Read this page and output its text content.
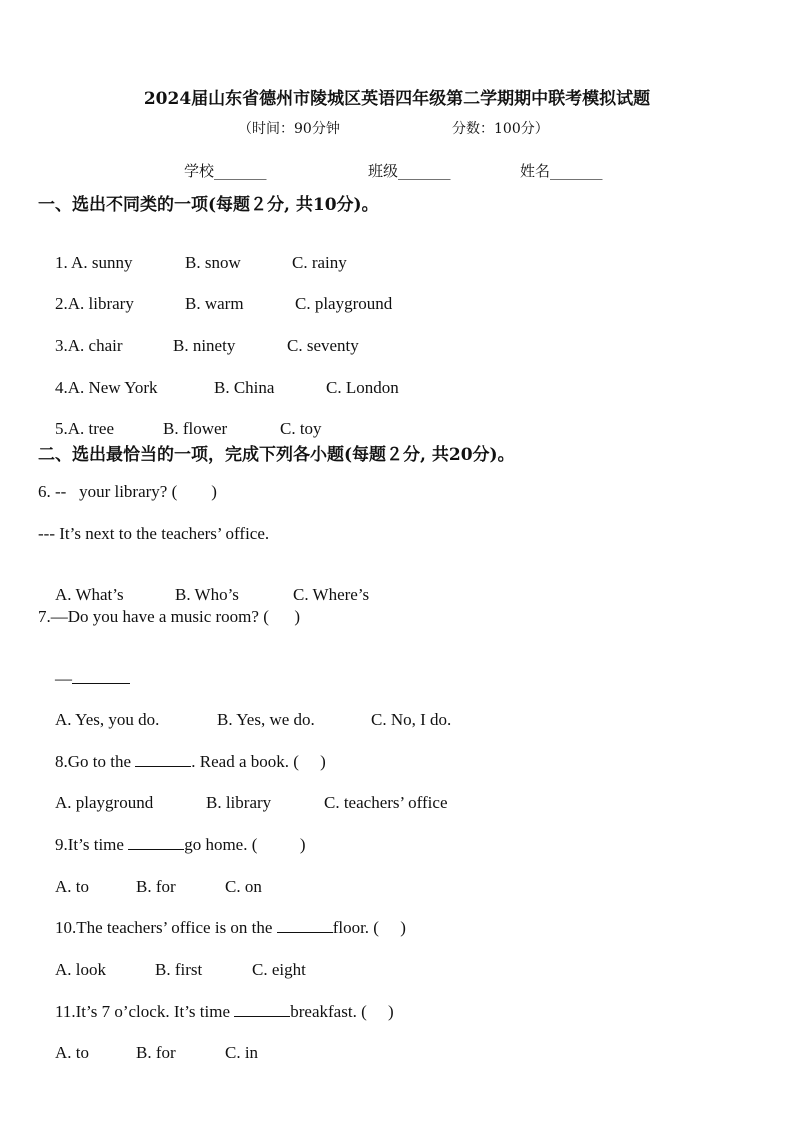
2024届山东省德州市陵城区英语四年级第二学期期中联考模拟试题
（时间：90分钟	分数：100分）
学校_______	班级_______	姓名_______
一、选出不同类的一项(每题２分, 共10分)。

1. A. sunny	B. snow	C. rainy

2.A. library	B. warm	C. playground

3.A. chair	B. ninety	C. seventy

4.A. New York	B. China	C. London

5.A. tree	B. flower	C. toy

二、选出最恰当的一项，完成下列各小题(每题２分, 共20分)。
6. --   your library? (        )
--- It’s next to the teachers’ office.

A. What’s	B. Who’s	C. Where’s

7.—Do you have a music room? (      )

—

A. Yes, you do.	B. Yes, we do.	C. No, I do.

8.Go to the	. Read a book. (     )

A. playground	B. library	C. teachers’ office

9.It’s time	go home. (          )

A. to	B. for	C. on

10.The teachers’ office is on the	floor. (     )

A. look	B. first	C. eight

11.It’s 7 o’clock. It’s time	breakfast. (     )

A. to	B. for	C. in
